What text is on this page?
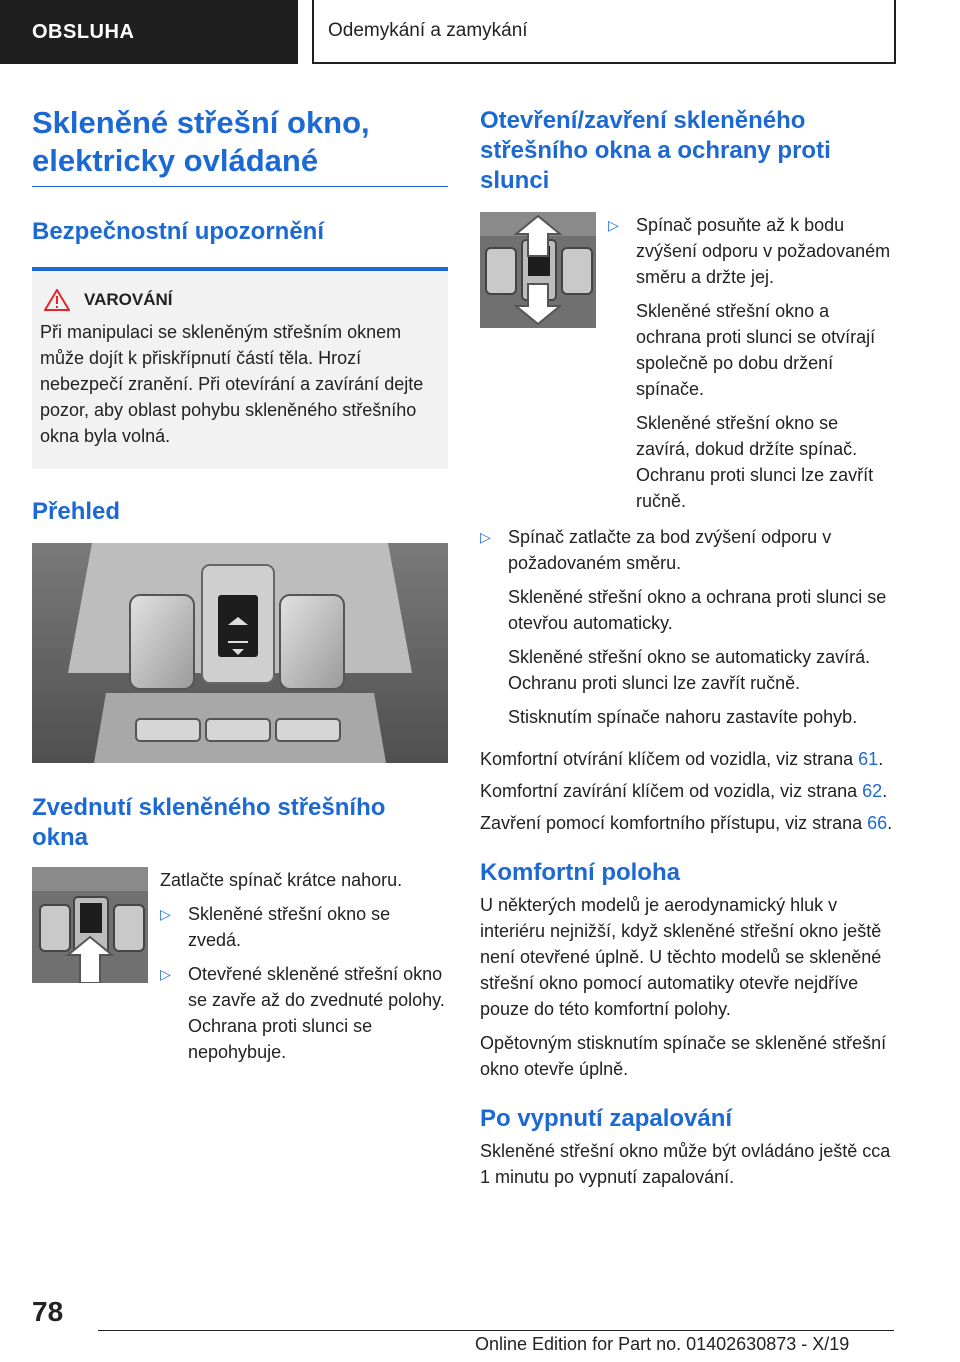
OBSLUHA	Odemykání a zamykání
Skleněné střešní okno, elektricky ovládané
Bezpečnostní upozornění
VAROVÁNÍ

Při manipulaci se skleněným střešním oknem může dojít k přiskřípnutí částí těla. Hrozí nebezpečí zranění. Při otevírání a zavírání dejte pozor, aby oblast pohybu skleněného střešního okna byla volná.

Přehled
Zvednutí skleněného střešního okna

Zatlačte spínač krátce nahoru.

▷ Skleněné střešní okno se zvedá.

▷ Otevřené skleněné střešní okno se zavře až do zvednuté polohy. Ochrana proti slunci se nepohybuje.

Otevření/zavření skleněného střešního okna a ochrany proti slunci
▷ Spínač posuňte až k bodu zvýšení odporu v požadovaném směru a držte jej.

Skleněné střešní okno a ochrana proti slunci se otvírají společně po dobu držení spínače.

Skleněné střešní okno se zavírá, dokud držíte spínač. Ochranu proti slunci lze zavřít ručně.

▷ Spínač zatlačte za bod zvýšení odporu v požadovaném směru.

Skleněné střešní okno a ochrana proti slunci se otevřou automaticky.

Skleněné střešní okno se automaticky zavírá. Ochranu proti slunci lze zavřít ručně.

Stisknutím spínače nahoru zastavíte pohyb.

Komfortní otvírání klíčem od vozidla, viz strana 61.

Komfortní zavírání klíčem od vozidla, viz strana 62.

Zavření pomocí komfortního přístupu, viz strana 66.

Komfortní poloha

U některých modelů je aerodynamický hluk v interiéru nejnižší, když skleněné střešní okno ještě není otevřené úplně. U těchto modelů se skleněné střešní okno pomocí automatiky otevře nejdříve pouze do této komfortní polohy.

Opětovným stisknutím spínače se skleněné střešní okno otevře úplně.

Po vypnutí zapalování

Skleněné střešní okno může být ovládáno ještě cca 1 minutu po vypnutí zapalování.

78
Online Edition for Part no. 01402630873 - X/19
